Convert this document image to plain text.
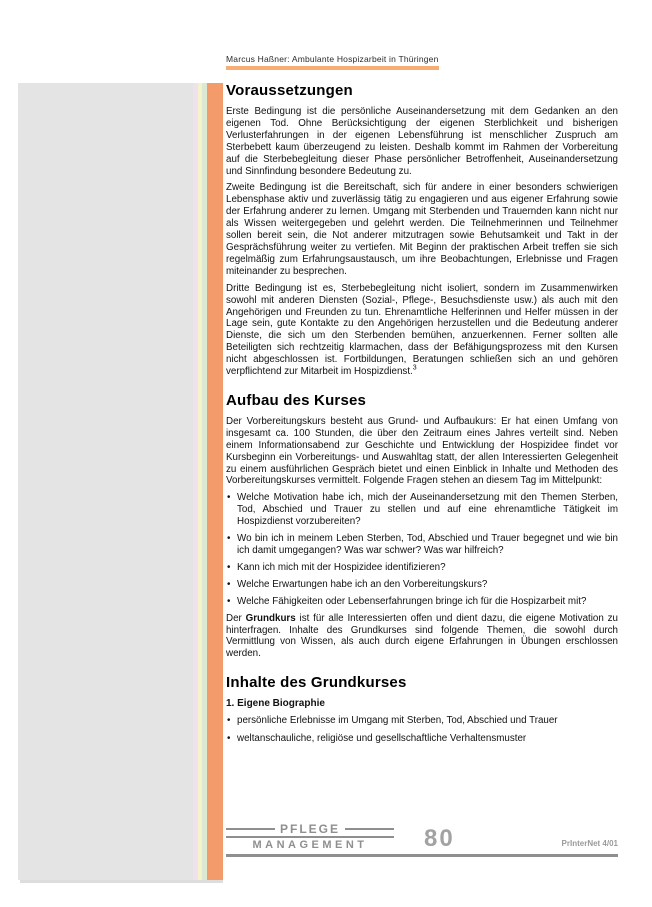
Marcus Haßner: Ambulante Hospizarbeit in Thüringen
Voraussetzungen

Erste Bedingung ist die persönliche Auseinandersetzung mit dem Gedanken an den eigenen Tod. Ohne Berücksichtigung der eigenen Sterblichkeit und bisherigen Verlusterfahrungen in der eigenen Lebensführung ist menschlicher Zuspruch am Sterbebett kaum überzeugend zu leisten. Deshalb kommt im Rahmen der Vorbereitung auf die Sterbebegleitung dieser Phase persönlicher Betroffenheit, Auseinandersetzung und Sinnfindung besondere Bedeutung zu.

Zweite Bedingung ist die Bereitschaft, sich für andere in einer besonders schwierigen Lebensphase aktiv und zuverlässig tätig zu engagieren und aus eigener Erfahrung sowie der Erfahrung anderer zu lernen. Umgang mit Sterbenden und Trauernden kann nicht nur als Wissen weitergegeben und gelehrt werden. Die Teilnehmerinnen und Teilnehmer sollen bereit sein, die Not anderer mitzutragen sowie Behutsamkeit und Takt in der Gesprächsführung weiter zu vertiefen. Mit Beginn der praktischen Arbeit treffen sie sich regelmäßig zum Erfahrungsaustausch, um ihre Beobachtungen, Erlebnisse und Fragen miteinander zu besprechen.

Dritte Bedingung ist es, Sterbebegleitung nicht isoliert, sondern im Zusammenwirken sowohl mit anderen Diensten (Sozial-, Pflege-, Besuchsdienste usw.) als auch mit den Angehörigen und Freunden zu tun. Ehrenamtliche Helferinnen und Helfer müssen in der Lage sein, gute Kontakte zu den Angehörigen herzustellen und die Bedeutung anderer Dienste, die sich um den Sterbenden bemühen, anzuerkennen. Ferner sollten alle Beteiligten sich rechtzeitig klarmachen, dass der Befähigungsprozess mit den Kursen nicht abgeschlossen ist. Fortbildungen, Beratungen schließen sich an und gehören verpflichtend zur Mitarbeit im Hospizdienst.$^3$

Aufbau des Kurses

Der Vorbereitungskurs besteht aus Grund- und Aufbaukurs: Er hat einen Umfang von insgesamt ca. 100 Stunden, die über den Zeitraum eines Jahres verteilt sind. Neben einem Informationsabend zur Geschichte und Entwicklung der Hospizidee findet vor Kursbeginn ein Vorbereitungs- und Auswahltag statt, der allen Interessierten Gelegenheit zu einem ausführlichen Gespräch bietet und einen Einblick in Inhalte und Methoden des Vorbereitungskurses vermittelt. Folgende Fragen stehen an diesem Tag im Mittelpunkt:

• Welche Motivation habe ich, mich der Auseinandersetzung mit den Themen Sterben, Tod, Abschied und Trauer zu stellen und auf eine ehrenamtliche Tätigkeit im Hospizdienst vorzubereiten?
• Wo bin ich in meinem Leben Sterben, Tod, Abschied und Trauer begegnet und wie bin ich damit umgegangen? Was war schwer? Was war hilfreich?
• Kann ich mich mit der Hospizidee identifizieren?
• Welche Erwartungen habe ich an den Vorbereitungskurs?
• Welche Fähigkeiten oder Lebenserfahrungen bringe ich für die Hospizarbeit mit?

Der Grundkurs ist für alle Interessierten offen und dient dazu, die eigene Motivation zu hinterfragen. Inhalte des Grundkurses sind folgende Themen, die sowohl durch Vermittlung von Wissen, als auch durch eigene Erfahrungen in Übungen erschlossen werden.

Inhalte des Grundkurses
1. Eigene Biographie
• persönliche Erlebnisse im Umgang mit Sterben, Tod, Abschied und Trauer
• weltanschauliche, religiöse und gesellschaftliche Verhaltensmuster
PFLEGE
MANAGEMENT	80	PrInterNet 4/01
